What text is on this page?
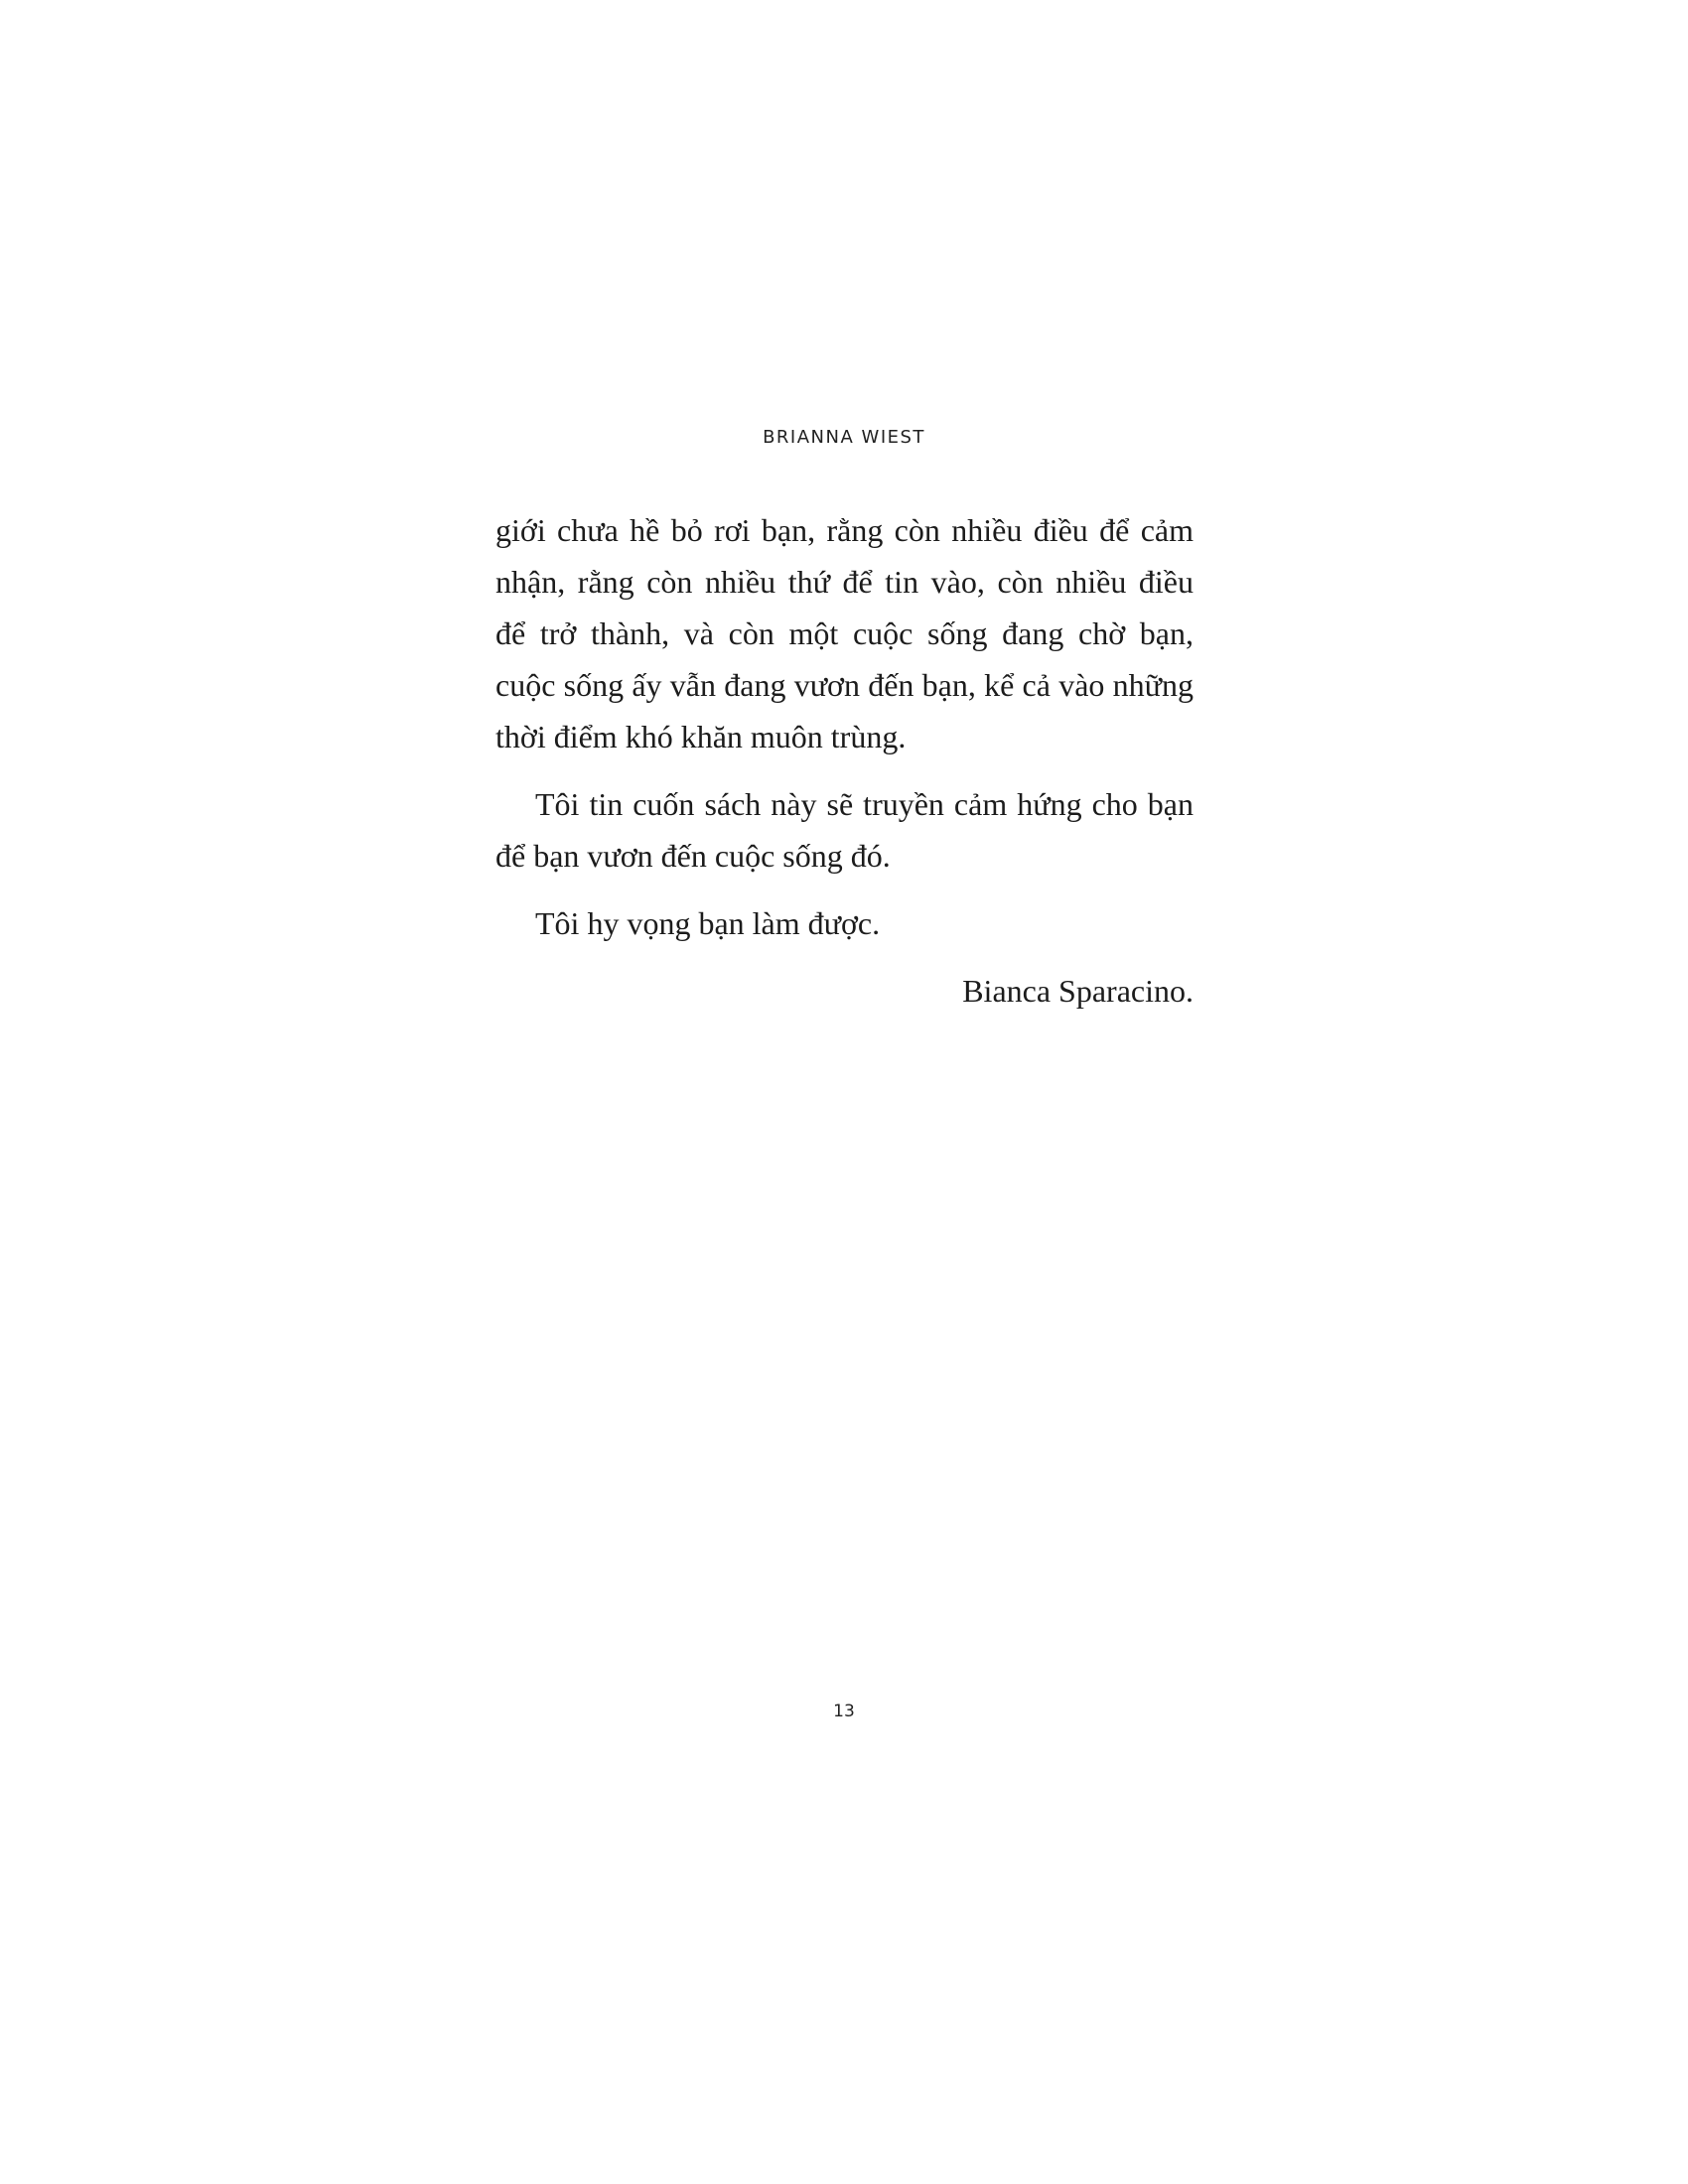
BRIANNA WIEST
giới chưa hề bỏ rơi bạn, rằng còn nhiều điều để cảm
nhận, rằng còn nhiều thứ để tin vào, còn nhiều điều
để trở thành, và còn một cuộc sống đang chờ bạn,
cuộc sống ấy vẫn đang vươn đến bạn, kể cả vào những
thời điểm khó khăn muôn trùng.
Tôi tin cuốn sách này sẽ truyền cảm hứng cho bạn
để bạn vươn đến cuộc sống đó.
Tôi hy vọng bạn làm được.
Bianca Sparacino.
13
